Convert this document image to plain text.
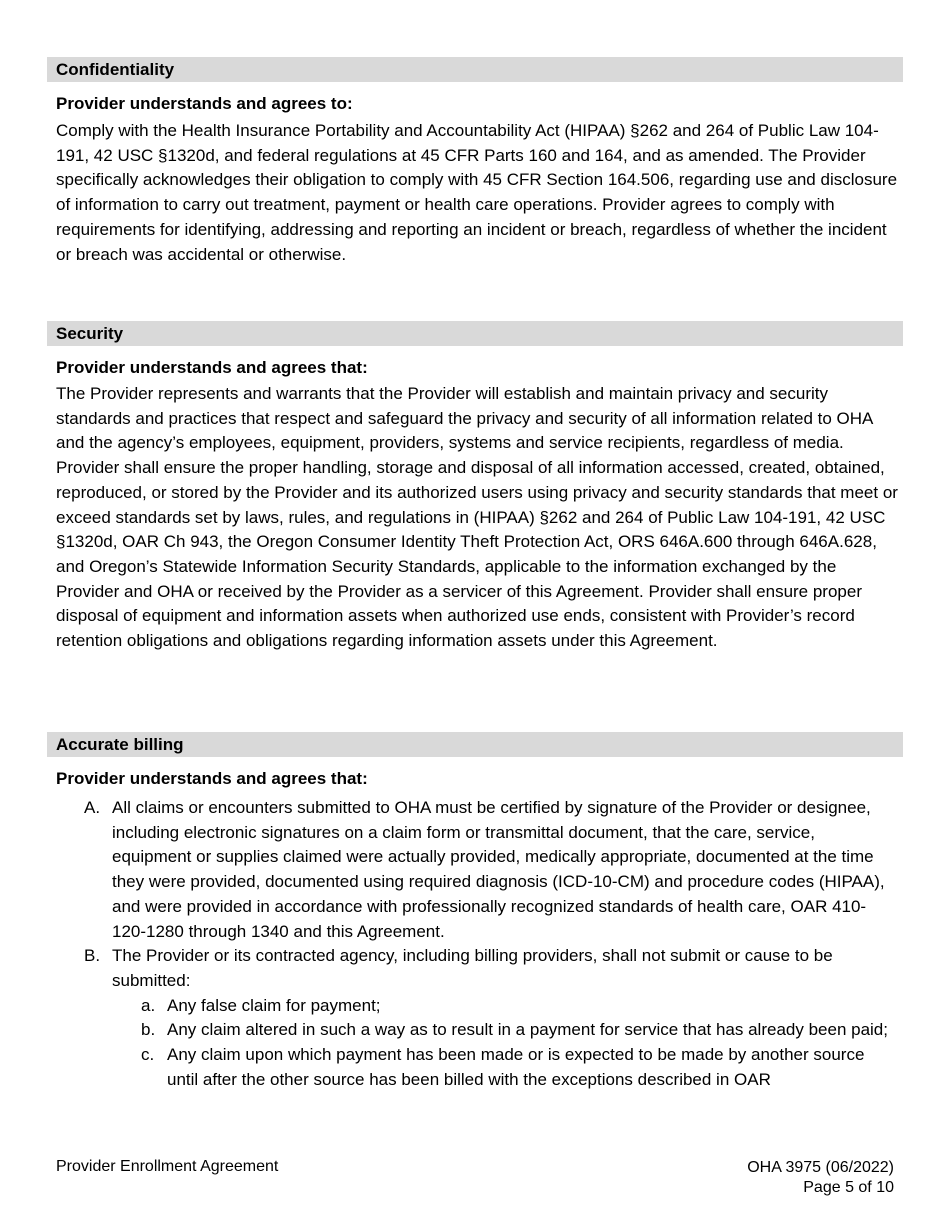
Confidentiality
Provider understands and agrees to:

Comply with the Health Insurance Portability and Accountability Act (HIPAA) §262 and 264 of Public Law 104-191, 42 USC §1320d, and federal regulations at 45 CFR Parts 160 and 164, and as amended. The Provider specifically acknowledges their obligation to comply with 45 CFR Section 164.506, regarding use and disclosure of information to carry out treatment, payment or health care operations. Provider agrees to comply with requirements for identifying, addressing and reporting an incident or breach, regardless of whether the incident or breach was accidental or otherwise.

Security
Provider understands and agrees that:

The Provider represents and warrants that the Provider will establish and maintain privacy and security standards and practices that respect and safeguard the privacy and security of all information related to OHA and the agency’s employees, equipment, providers, systems and service recipients, regardless of media. Provider shall ensure the proper handling, storage and disposal of all information accessed, created, obtained, reproduced, or stored by the Provider and its authorized users using privacy and security standards that meet or exceed standards set by laws, rules, and regulations in (HIPAA) §262 and 264 of Public Law 104-191, 42 USC §1320d, OAR Ch 943, the Oregon Consumer Identity Theft Protection Act, ORS 646A.600 through 646A.628, and Oregon’s Statewide Information Security Standards, applicable to the information exchanged by the Provider and OHA or received by the Provider as a servicer of this Agreement. Provider shall ensure proper disposal of equipment and information assets when authorized use ends, consistent with Provider’s record retention obligations and obligations regarding information assets under this Agreement.

Accurate billing
Provider understands and agrees that:
A. All claims or encounters submitted to OHA must be certified by signature of the Provider or designee, including electronic signatures on a claim form or transmittal document, that the care, service, equipment or supplies claimed were actually provided, medically appropriate, documented at the time they were provided, documented using required diagnosis (ICD-10-CM) and procedure codes (HIPAA), and were provided in accordance with professionally recognized standards of health care, OAR 410-120-1280 through 1340 and this Agreement.
B. The Provider or its contracted agency, including billing providers, shall not submit or cause to be submitted:
a. Any false claim for payment;
b. Any claim altered in such a way as to result in a payment for service that has already been paid;
c. Any claim upon which payment has been made or is expected to be made by another source until after the other source has been billed with the exceptions described in OAR
Provider Enrollment Agreement	OHA 3975 (06/2022)
Page 5 of 10
